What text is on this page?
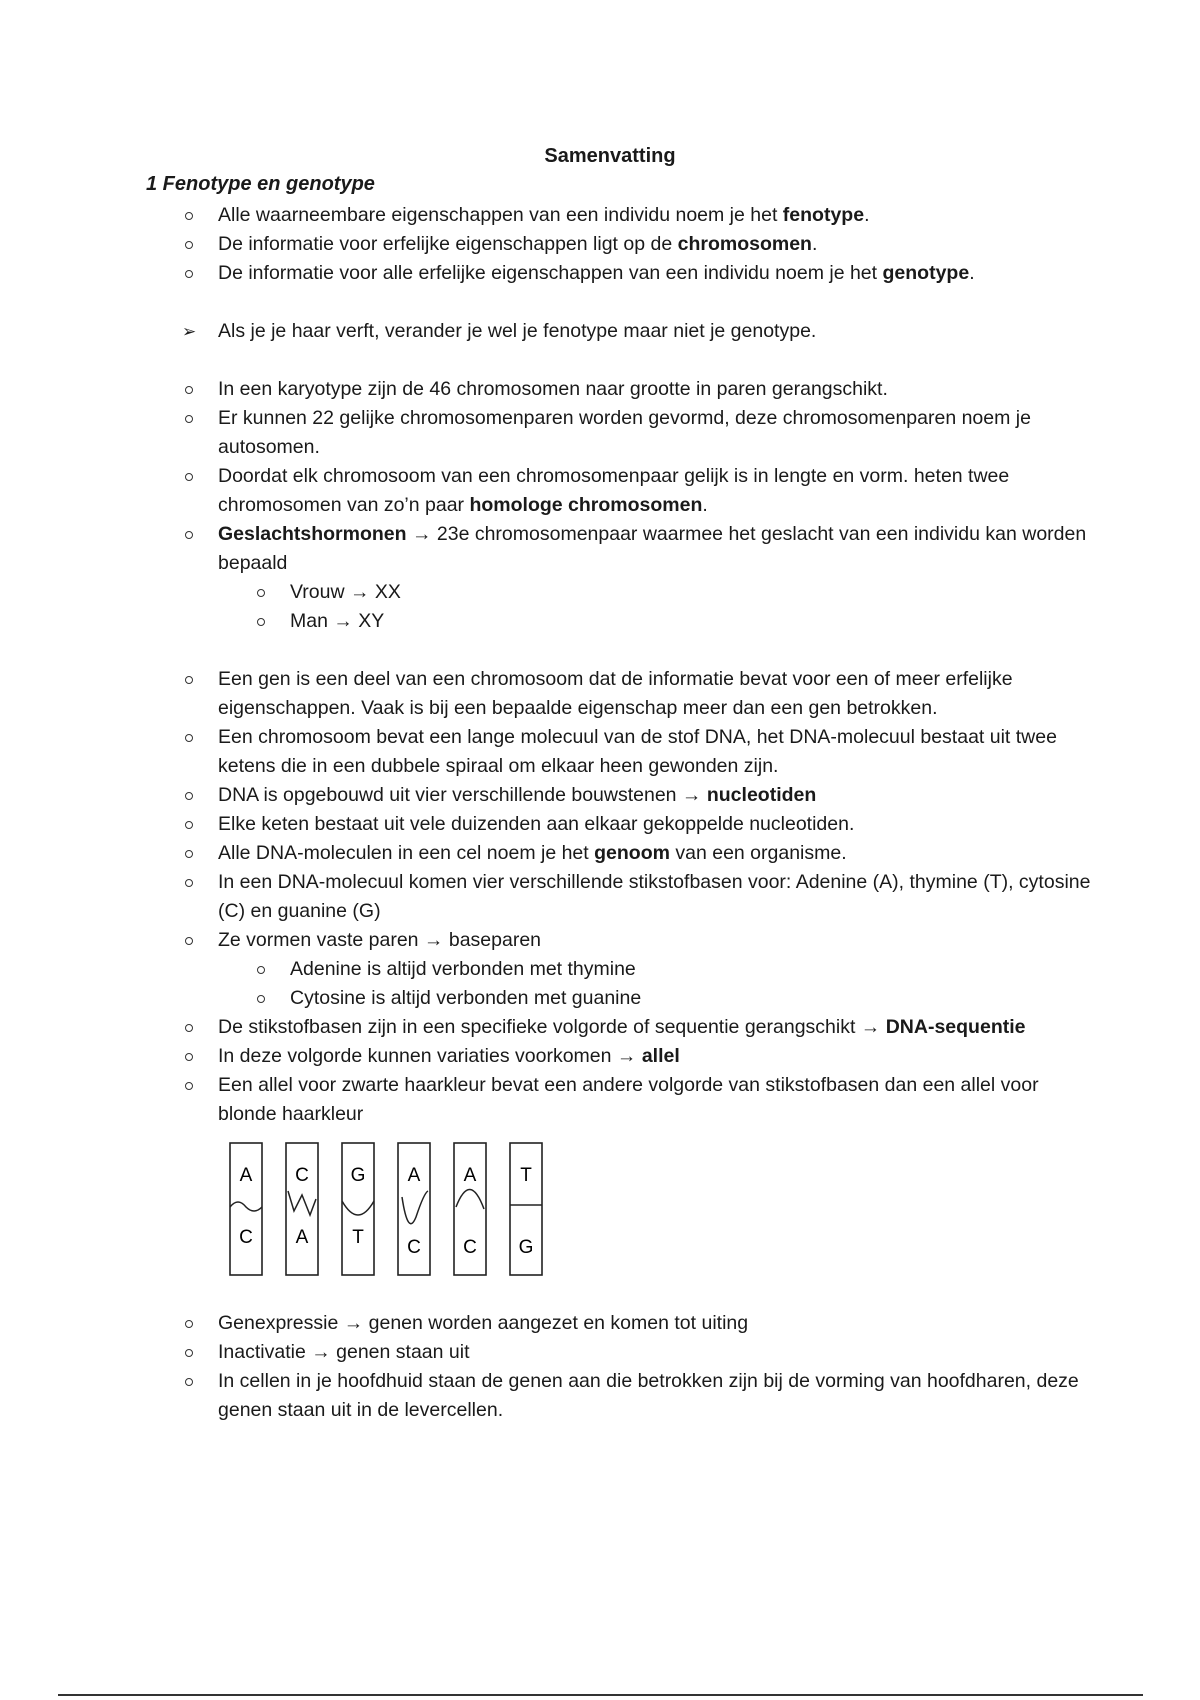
Samenvatting
1 Fenotype en genotype
Alle waarneembare eigenschappen van een individu noem je het fenotype.
De informatie voor erfelijke eigenschappen ligt op de chromosomen.
De informatie voor alle erfelijke eigenschappen van een individu noem je het genotype.
➢ Als je je haar verft, verander je wel je fenotype maar niet je genotype.
In een karyotype zijn de 46 chromosomen naar grootte in paren gerangschikt.
Er kunnen 22 gelijke chromosomenparen worden gevormd, deze chromosomenparen noem je autosomen.
Doordat elk chromosoom van een chromosomenpaar gelijk is in lengte en vorm. heten twee chromosomen van zo’n paar homologe chromosomen.
Geslachtshormonen → 23e chromosomenpaar waarmee het geslacht van een individu kan worden bepaald
Vrouw → XX
Man → XY
Een gen is een deel van een chromosoom dat de informatie bevat voor een of meer erfelijke eigenschappen. Vaak is bij een bepaalde eigenschap meer dan een gen betrokken.
Een chromosoom bevat een lange molecuul van de stof DNA, het DNA-molecuul bestaat uit twee ketens die in een dubbele spiraal om elkaar heen gewonden zijn.
DNA is opgebouwd uit vier verschillende bouwstenen → nucleotiden
Elke keten bestaat uit vele duizenden aan elkaar gekoppelde nucleotiden.
Alle DNA-moleculen in een cel noem je het genoom van een organisme.
In een DNA-molecuul komen vier verschillende stikstofbasen voor: Adenine (A), thymine (T), cytosine (C) en guanine (G)
Ze vormen vaste paren → baseparen
Adenine is altijd verbonden met thymine
Cytosine is altijd verbonden met guanine
De stikstofbasen zijn in een specifieke volgorde of sequentie gerangschikt → DNA-sequentie
In deze volgorde kunnen variaties voorkomen → allel
Een allel voor zwarte haarkleur bevat een andere volgorde van stikstofbasen dan een allel voor blonde haarkleur
A
C
C
A
G
T
A
C
A
C
T
G
Genexpressie → genen worden aangezet en komen tot uiting
Inactivatie → genen staan uit
In cellen in je hoofdhuid staan de genen aan die betrokken zijn bij de vorming van hoofdharen, deze genen staan uit in de levercellen.
